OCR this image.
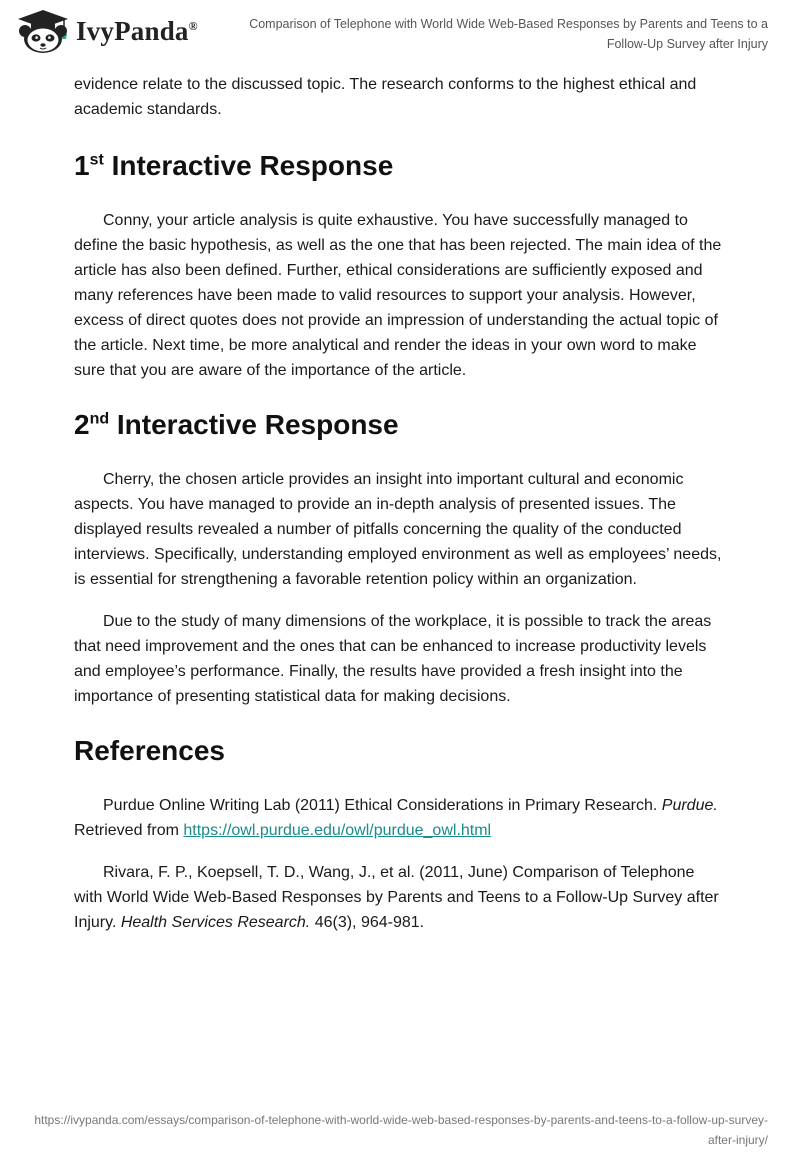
IvyPanda®	Comparison of Telephone with World Wide Web-Based Responses by Parents and Teens to a Follow-Up Survey after Injury

evidence relate to the discussed topic. The research conforms to the highest ethical and academic standards.

1st Interactive Response

Conny, your article analysis is quite exhaustive. You have successfully managed to define the basic hypothesis, as well as the one that has been rejected. The main idea of the article has also been defined. Further, ethical considerations are sufficiently exposed and many references have been made to valid resources to support your analysis. However, excess of direct quotes does not provide an impression of understanding the actual topic of the article. Next time, be more analytical and render the ideas in your own word to make sure that you are aware of the importance of the article.

2nd Interactive Response

Cherry, the chosen article provides an insight into important cultural and economic aspects. You have managed to provide an in-depth analysis of presented issues. The displayed results revealed a number of pitfalls concerning the quality of the conducted interviews. Specifically, understanding employed environment as well as employees’ needs, is essential for strengthening a favorable retention policy within an organization.

Due to the study of many dimensions of the workplace, it is possible to track the areas that need improvement and the ones that can be enhanced to increase productivity levels and employee’s performance. Finally, the results have provided a fresh insight into the importance of presenting statistical data for making decisions.

References

Purdue Online Writing Lab (2011) Ethical Considerations in Primary Research. Purdue. Retrieved from https://owl.purdue.edu/owl/purdue_owl.html

Rivara, F. P., Koepsell, T. D., Wang, J., et al. (2011, June) Comparison of Telephone with World Wide Web-Based Responses by Parents and Teens to a Follow-Up Survey after Injury. Health Services Research. 46(3), 964-981.

https://ivypanda.com/essays/comparison-of-telephone-with-world-wide-web-based-responses-by-parents-and-teens-to-a-follow-up-survey-after-injury/
